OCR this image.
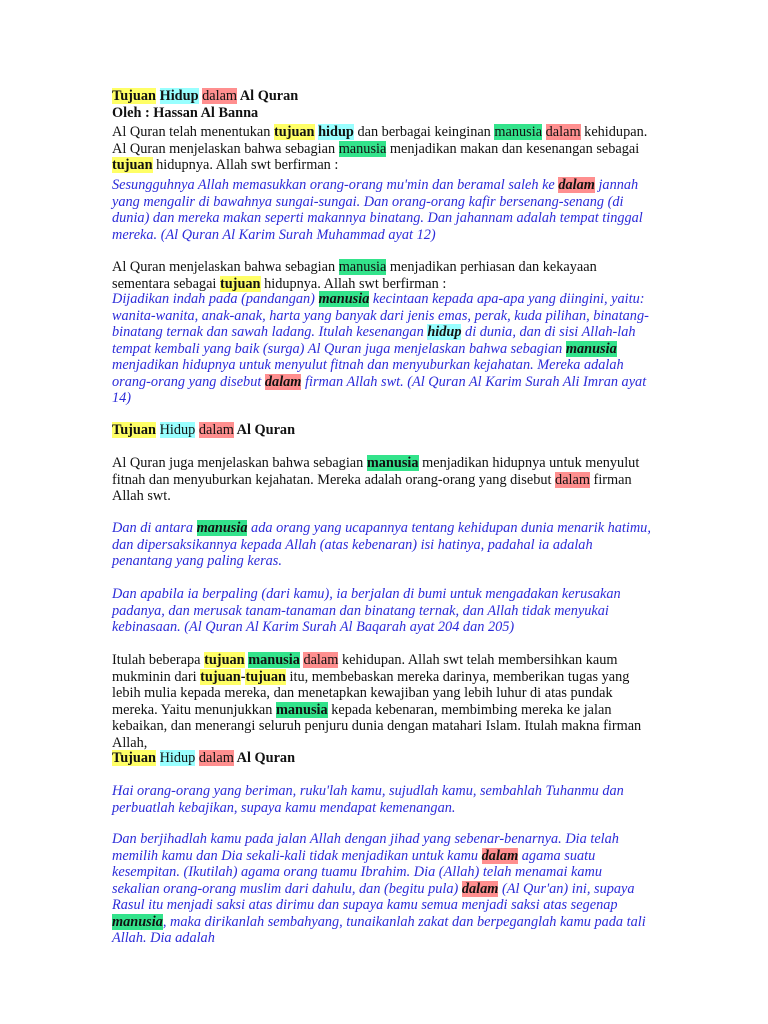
Tujuan Hidup dalam Al Quran

Oleh : Hassan Al Banna

Al Quran telah menentukan tujuan hidup dan berbagai keinginan manusia dalam kehidupan. Al Quran menjelaskan bahwa sebagian manusia menjadikan makan dan kesenangan sebagai tujuan hidupnya. Allah swt berfirman :

Sesungguhnya Allah memasukkan orang-orang mu'min dan beramal saleh ke dalam jannah yang mengalir di bawahnya sungai-sungai. Dan orang-orang kafir bersenang-senang (di dunia) dan mereka makan seperti makannya binatang. Dan jahannam adalah tempat tinggal mereka. (Al Quran Al Karim Surah Muhammad ayat 12)

Al Quran menjelaskan bahwa sebagian manusia menjadikan perhiasan dan kekayaan sementara sebagai tujuan hidupnya. Allah swt berfirman :

Dijadikan indah pada (pandangan) manusia kecintaan kepada apa-apa yang diingini, yaitu: wanita-wanita, anak-anak, harta yang banyak dari jenis emas, perak, kuda pilihan, binatang-binatang ternak dan sawah ladang. Itulah kesenangan hidup di dunia, dan di sisi Allah-lah tempat kembali yang baik (surga) Al Quran juga menjelaskan bahwa sebagian manusia menjadikan hidupnya untuk menyulut fitnah dan menyuburkan kejahatan. Mereka adalah orang-orang yang disebut dalam firman Allah swt. (Al Quran Al Karim Surah Ali Imran ayat 14)

Tujuan Hidup dalam Al Quran

Al Quran juga menjelaskan bahwa sebagian manusia menjadikan hidupnya untuk menyulut fitnah dan menyuburkan kejahatan. Mereka adalah orang-orang yang disebut dalam firman Allah swt.

Dan di antara manusia ada orang yang ucapannya tentang kehidupan dunia menarik hatimu, dan dipersaksikannya kepada Allah (atas kebenaran) isi hatinya, padahal ia adalah penantang yang paling keras.

Dan apabila ia berpaling (dari kamu), ia berjalan di bumi untuk mengadakan kerusakan padanya, dan merusak tanam-tanaman dan binatang ternak, dan Allah tidak menyukai kebinasaan. (Al Quran Al Karim Surah Al Baqarah ayat 204 dan 205)

Itulah beberapa tujuan manusia dalam kehidupan. Allah swt telah membersihkan kaum mukminin dari tujuan-tujuan itu, membebaskan mereka darinya, memberikan tugas yang lebih mulia kepada mereka, dan menetapkan kewajiban yang lebih luhur di atas pundak mereka. Yaitu menunjukkan manusia kepada kebenaran, membimbing mereka ke jalan kebaikan, dan menerangi seluruh penjuru dunia dengan matahari Islam. Itulah makna firman Allah,

Tujuan Hidup dalam Al Quran

Hai orang-orang yang beriman, ruku'lah kamu, sujudlah kamu, sembahlah Tuhanmu dan perbuatlah kebajikan, supaya kamu mendapat kemenangan.

Dan berjihadlah kamu pada jalan Allah dengan jihad yang sebenar-benarnya. Dia telah memilih kamu dan Dia sekali-kali tidak menjadikan untuk kamu dalam agama suatu kesempitan. (Ikutilah) agama orang tuamu Ibrahim. Dia (Allah) telah menamai kamu sekalian orang-orang muslim dari dahulu, dan (begitu pula) dalam (Al Qur'an) ini, supaya Rasul itu menjadi saksi atas dirimu dan supaya kamu semua menjadi saksi atas segenap manusia, maka dirikanlah sembahyang, tunaikanlah zakat dan berpeganglah kamu pada tali Allah. Dia adalah
